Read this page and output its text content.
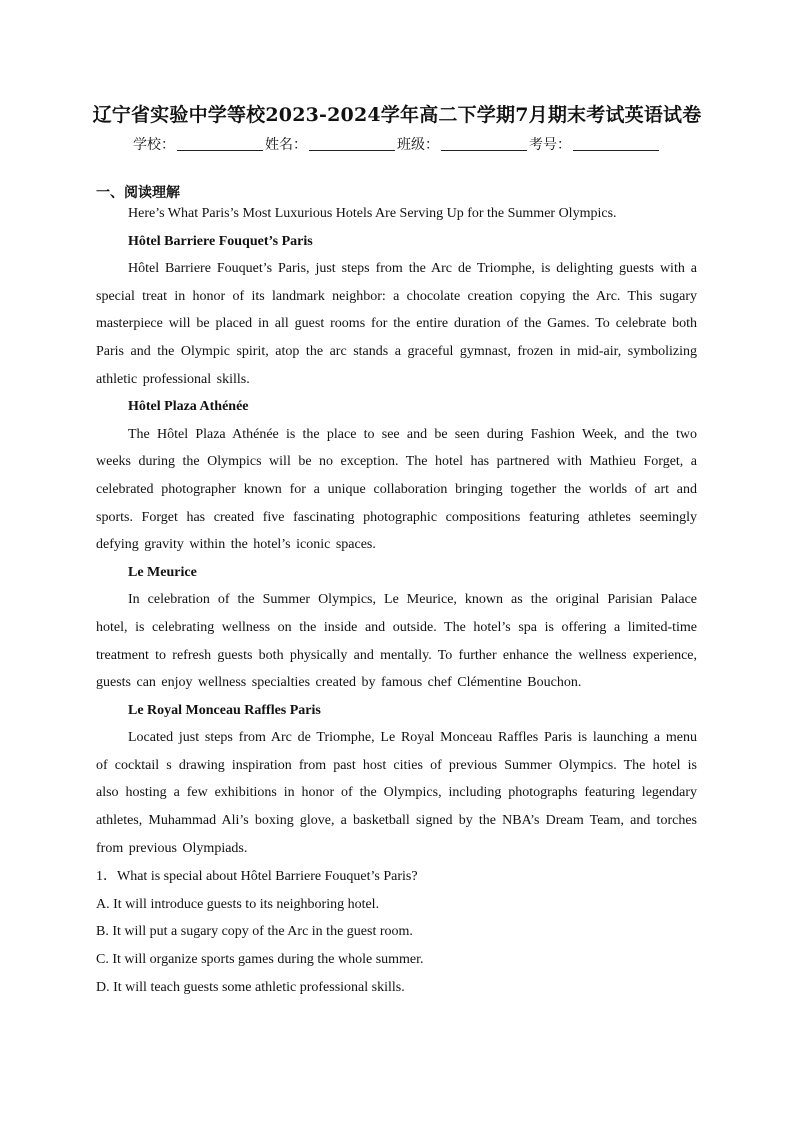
辽宁省实验中学等校2023-2024学年高二下学期7月期末考试英语试卷
学校：	姓名：	班级：	考号：
一、阅读理解

Here’s What Paris’s Most Luxurious Hotels Are Serving Up for the Summer Olympics.

Hôtel Barriere Fouquet’s Paris

Hôtel Barriere Fouquet’s Paris, just steps from the Arc de Triomphe, is delighting guests with a special treat in honor of its landmark neighbor: a chocolate creation copying the Arc. This sugary masterpiece will be placed in all guest rooms for the entire duration of the Games. To celebrate both Paris and the Olympic spirit, atop the arc stands a graceful gymnast, frozen in mid-air, symbolizing athletic professional skills.

Hôtel Plaza Athénée

The Hôtel Plaza Athénée is the place to see and be seen during Fashion Week, and the two weeks during the Olympics will be no exception. The hotel has partnered with Mathieu Forget, a celebrated photographer known for a unique collaboration bringing together the worlds of art and sports. Forget has created five fascinating photographic compositions featuring athletes seemingly defying gravity within the hotel’s iconic spaces.

Le Meurice

In celebration of the Summer Olympics, Le Meurice, known as the original Parisian Palace hotel, is celebrating wellness on the inside and outside. The hotel’s spa is offering a limited-time treatment to refresh guests both physically and mentally. To further enhance the wellness experience, guests can enjoy wellness specialties created by famous chef Clémentine Bouchon.

Le Royal Monceau Raffles Paris

Located just steps from Arc de Triomphe, Le Royal Monceau Raffles Paris is launching a menu of cocktail s drawing inspiration from past host cities of previous Summer Olympics. The hotel is also hosting a few exhibitions in honor of the Olympics, including photographs featuring legendary athletes, Muhammad Ali’s boxing glove, a basketball signed by the NBA’s Dream Team, and torches from previous Olympiads.

1．What is special about Hôtel Barriere Fouquet’s Paris?

A. It will introduce guests to its neighboring hotel.

B. It will put a sugary copy of the Arc in the guest room.

C. It will organize sports games during the whole summer.

D. It will teach guests some athletic professional skills.
